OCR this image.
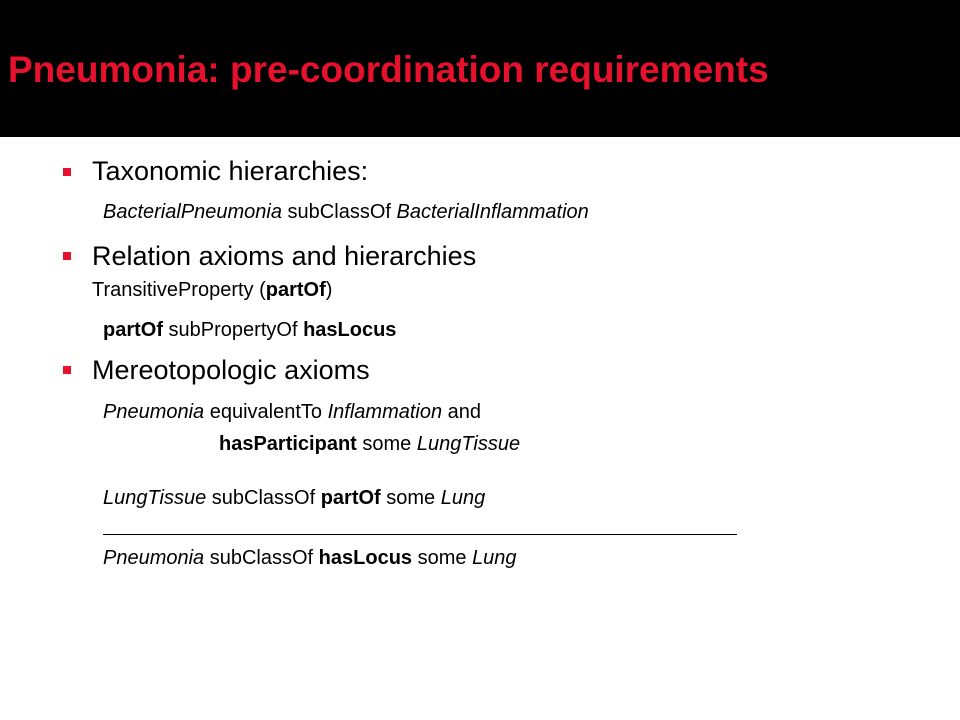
Pneumonia: pre-coordination requirements
Taxonomic hierarchies:
BacterialPneumonia subClassOf BacterialInflammation
Relation axioms and hierarchies
TransitiveProperty (partOf)
partOf subPropertyOf hasLocus
Mereotopologic axioms
Pneumonia equivalentTo Inflammation and
hasParticipant some LungTissue
LungTissue subClassOf partOf some Lung
Pneumonia subClassOf hasLocus some Lung
